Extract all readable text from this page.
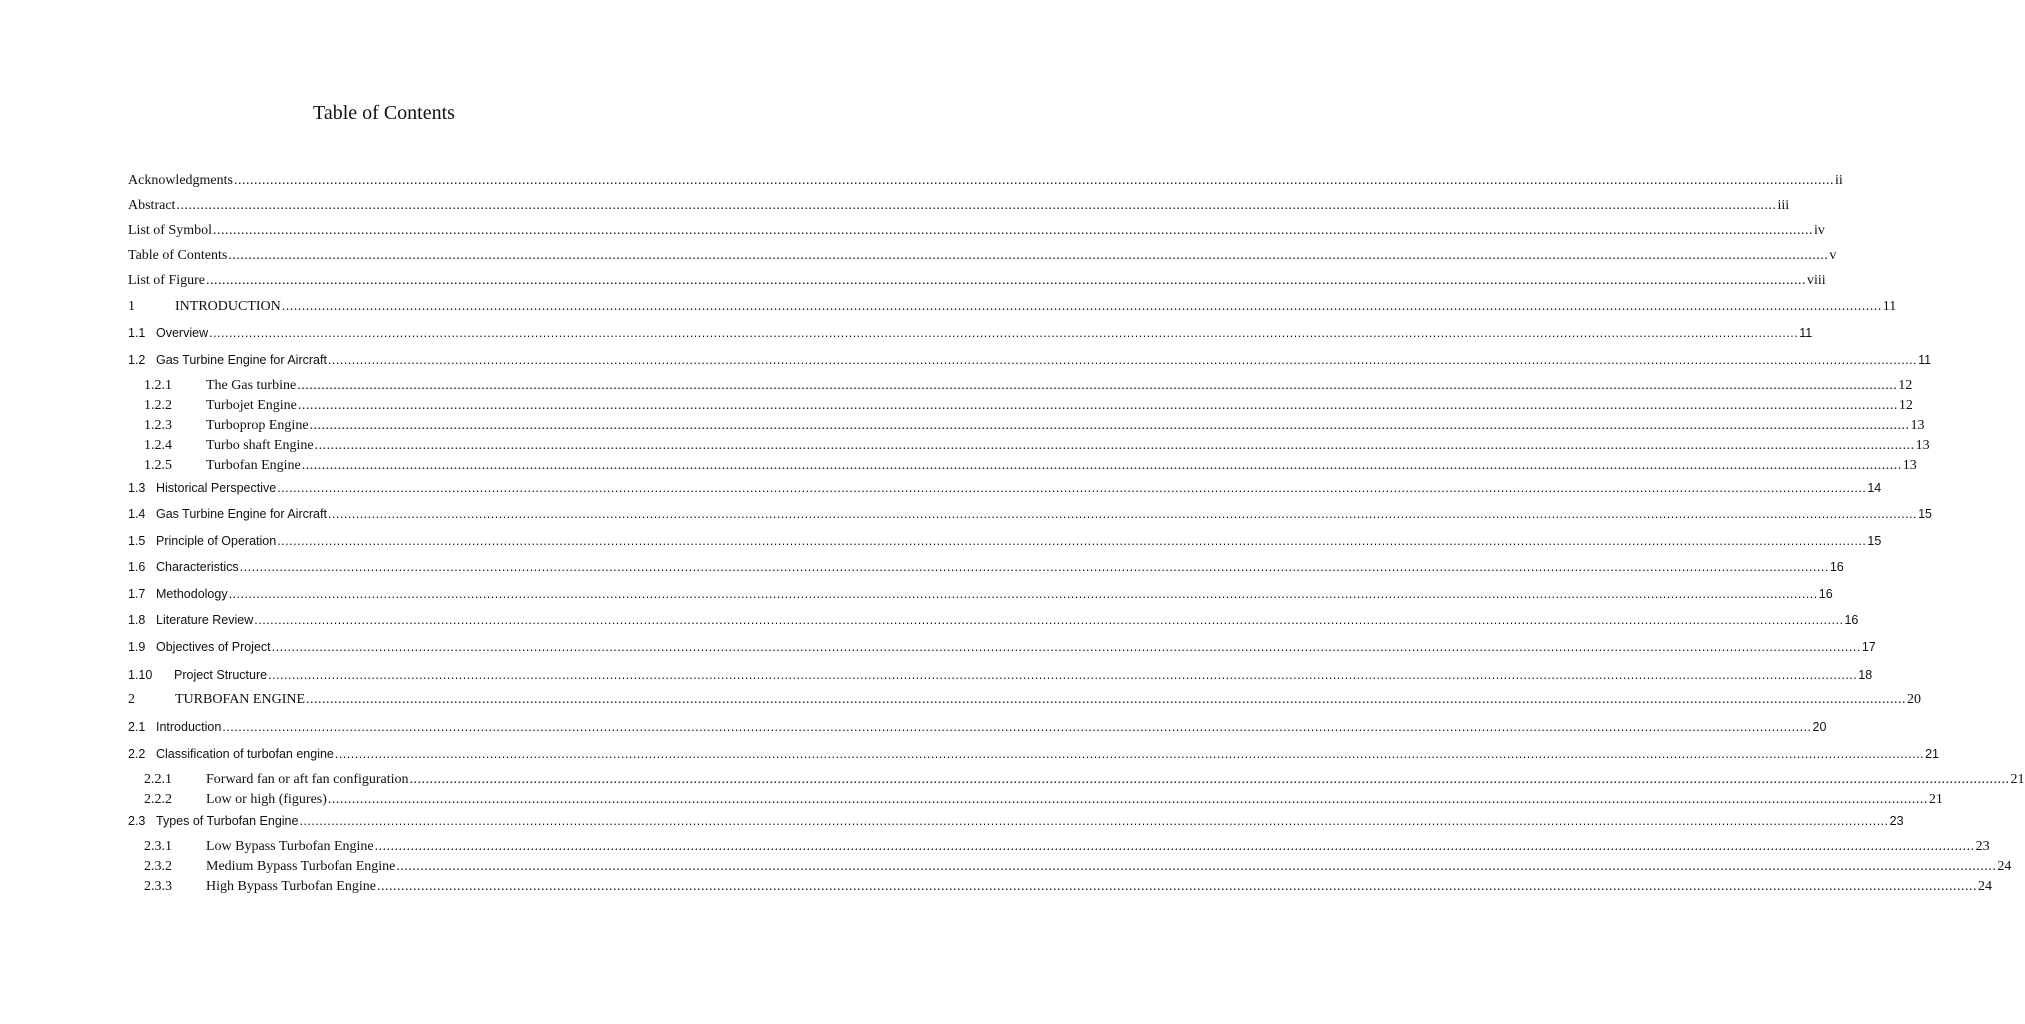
Table of Contents
Acknowledgments ................................................................................................................................................................................................................................................................................................................................................................................................................ ii
Abstract ................................................................................................................................................................................................................................................................................................................................................................................................................ iii
List of Symbol ................................................................................................................................................................................................................................................................................................................................................................................................................ iv
Table of Contents ................................................................................................................................................................................................................................................................................................................................................................................................................ v
List of Figure ................................................................................................................................................................................................................................................................................................................................................................................................................ viii
1	INTRODUCTION ................................................................................................................................................................................................................................................................................................................................................................................................................ 11
1.1 Overview ................................................................................................................................................................................................................................................................................................................................................................................................................ 11
1.2 Gas Turbine Engine for Aircraft ................................................................................................................................................................................................................................................................................................................................................................................................................ 11
1.2.1	The Gas turbine ................................................................................................................................................................................................................................................................................................................................................................................................................ 12
1.2.2	Turbojet Engine ................................................................................................................................................................................................................................................................................................................................................................................................................ 12
1.2.3	Turboprop Engine ................................................................................................................................................................................................................................................................................................................................................................................................................ 13
1.2.4	Turbo shaft Engine ................................................................................................................................................................................................................................................................................................................................................................................................................ 13
1.2.5	Turbofan Engine ................................................................................................................................................................................................................................................................................................................................................................................................................ 13
1.3 Historical Perspective ................................................................................................................................................................................................................................................................................................................................................................................................................ 14
1.4 Gas Turbine Engine for Aircraft ................................................................................................................................................................................................................................................................................................................................................................................................................ 15
1.5 Principle of Operation ................................................................................................................................................................................................................................................................................................................................................................................................................ 15
1.6 Characteristics ................................................................................................................................................................................................................................................................................................................................................................................................................ 16
1.7 Methodology ................................................................................................................................................................................................................................................................................................................................................................................................................ 16
1.8 Literature Review ................................................................................................................................................................................................................................................................................................................................................................................................................ 16
1.9 Objectives of Project ................................................................................................................................................................................................................................................................................................................................................................................................................ 17
1.10	Project Structure ................................................................................................................................................................................................................................................................................................................................................................................................................ 18
2	TURBOFAN ENGINE ................................................................................................................................................................................................................................................................................................................................................................................................................ 20
2.1 Introduction ................................................................................................................................................................................................................................................................................................................................................................................................................ 20
2.2 Classification of turbofan engine ................................................................................................................................................................................................................................................................................................................................................................................................................ 21
2.2.1	Forward fan or aft fan configuration ................................................................................................................................................................................................................................................................................................................................................................................................................ 21
2.2.2	Low or high (figures) ................................................................................................................................................................................................................................................................................................................................................................................................................ 21
2.3 Types of Turbofan Engine ................................................................................................................................................................................................................................................................................................................................................................................................................ 23
2.3.1	Low Bypass Turbofan Engine ................................................................................................................................................................................................................................................................................................................................................................................................................ 23
2.3.2	Medium Bypass Turbofan Engine ................................................................................................................................................................................................................................................................................................................................................................................................................ 24
2.3.3	High Bypass Turbofan Engine ................................................................................................................................................................................................................................................................................................................................................................................................................ 24
